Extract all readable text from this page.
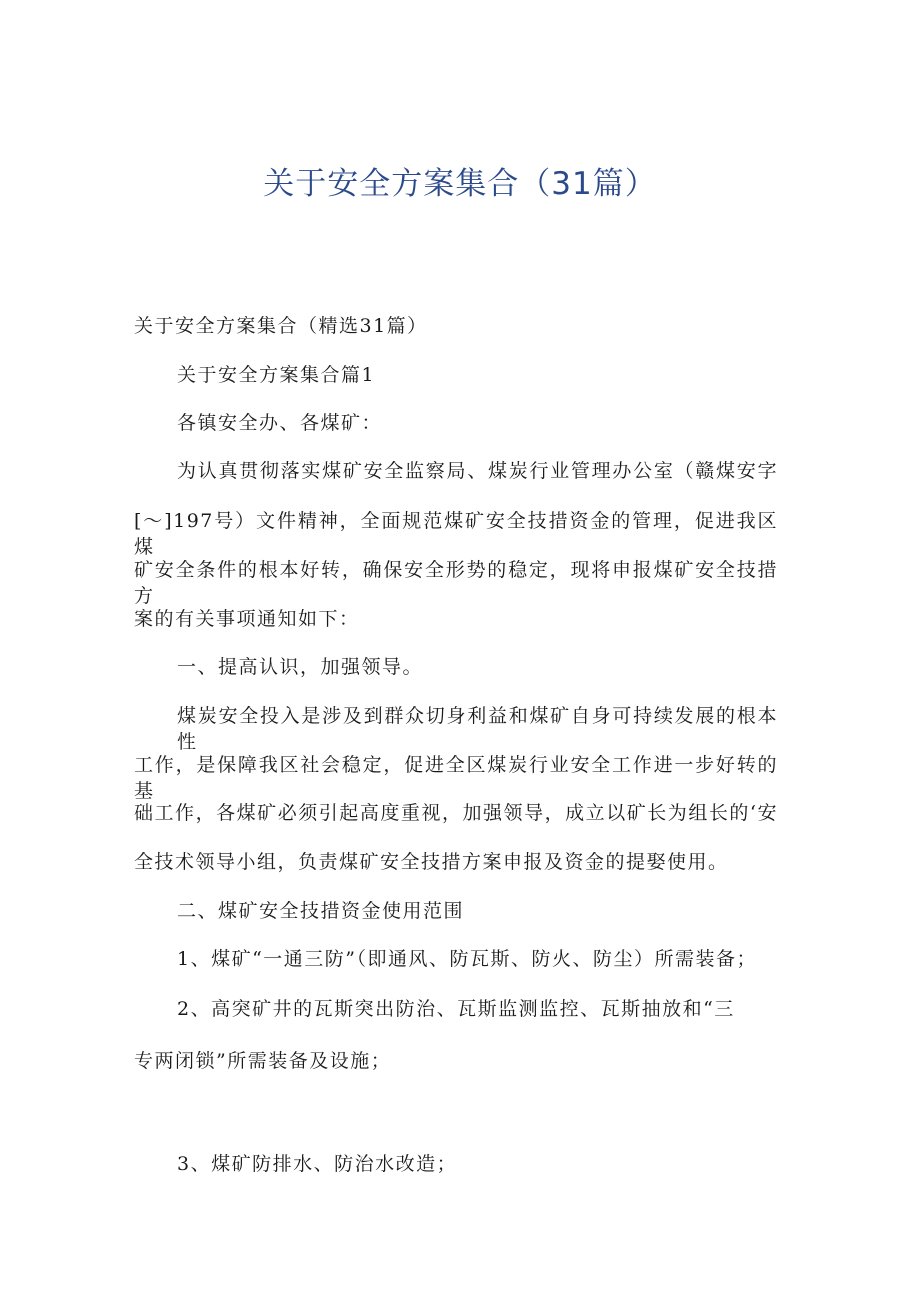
关于安全方案集合（31篇）

关于安全方案集合（精选31篇）

关于安全方案集合篇1

各镇安全办、各煤矿：

为认真贯彻落实煤矿安全监察局、煤炭行业管理办公室（赣煤安字

[～]197号）文件精神，全面规范煤矿安全技措资金的管理，促进我区煤

矿安全条件的根本好转，确保安全形势的稳定，现将申报煤矿安全技措方

案的有关事项通知如下：

一、提高认识，加强领导。

煤炭安全投入是涉及到群众切身利益和煤矿自身可持续发展的根本性

工作，是保障我区社会稳定，促进全区煤炭行业安全工作进一步好转的基

础工作，各煤矿必须引起高度重视，加强领导，成立以矿长为组长的‘安

全技术领导小组，负责煤矿安全技措方案申报及资金的提娶使用。

二、煤矿安全技措资金使用范围

1、煤矿“一通三防”（即通风、防瓦斯、防火、防尘）所需装备；

2、高突矿井的瓦斯突出防治、瓦斯监测监控、瓦斯抽放和“三

专两闭锁”所需装备及设施；

3、煤矿防排水、防治水改造；
